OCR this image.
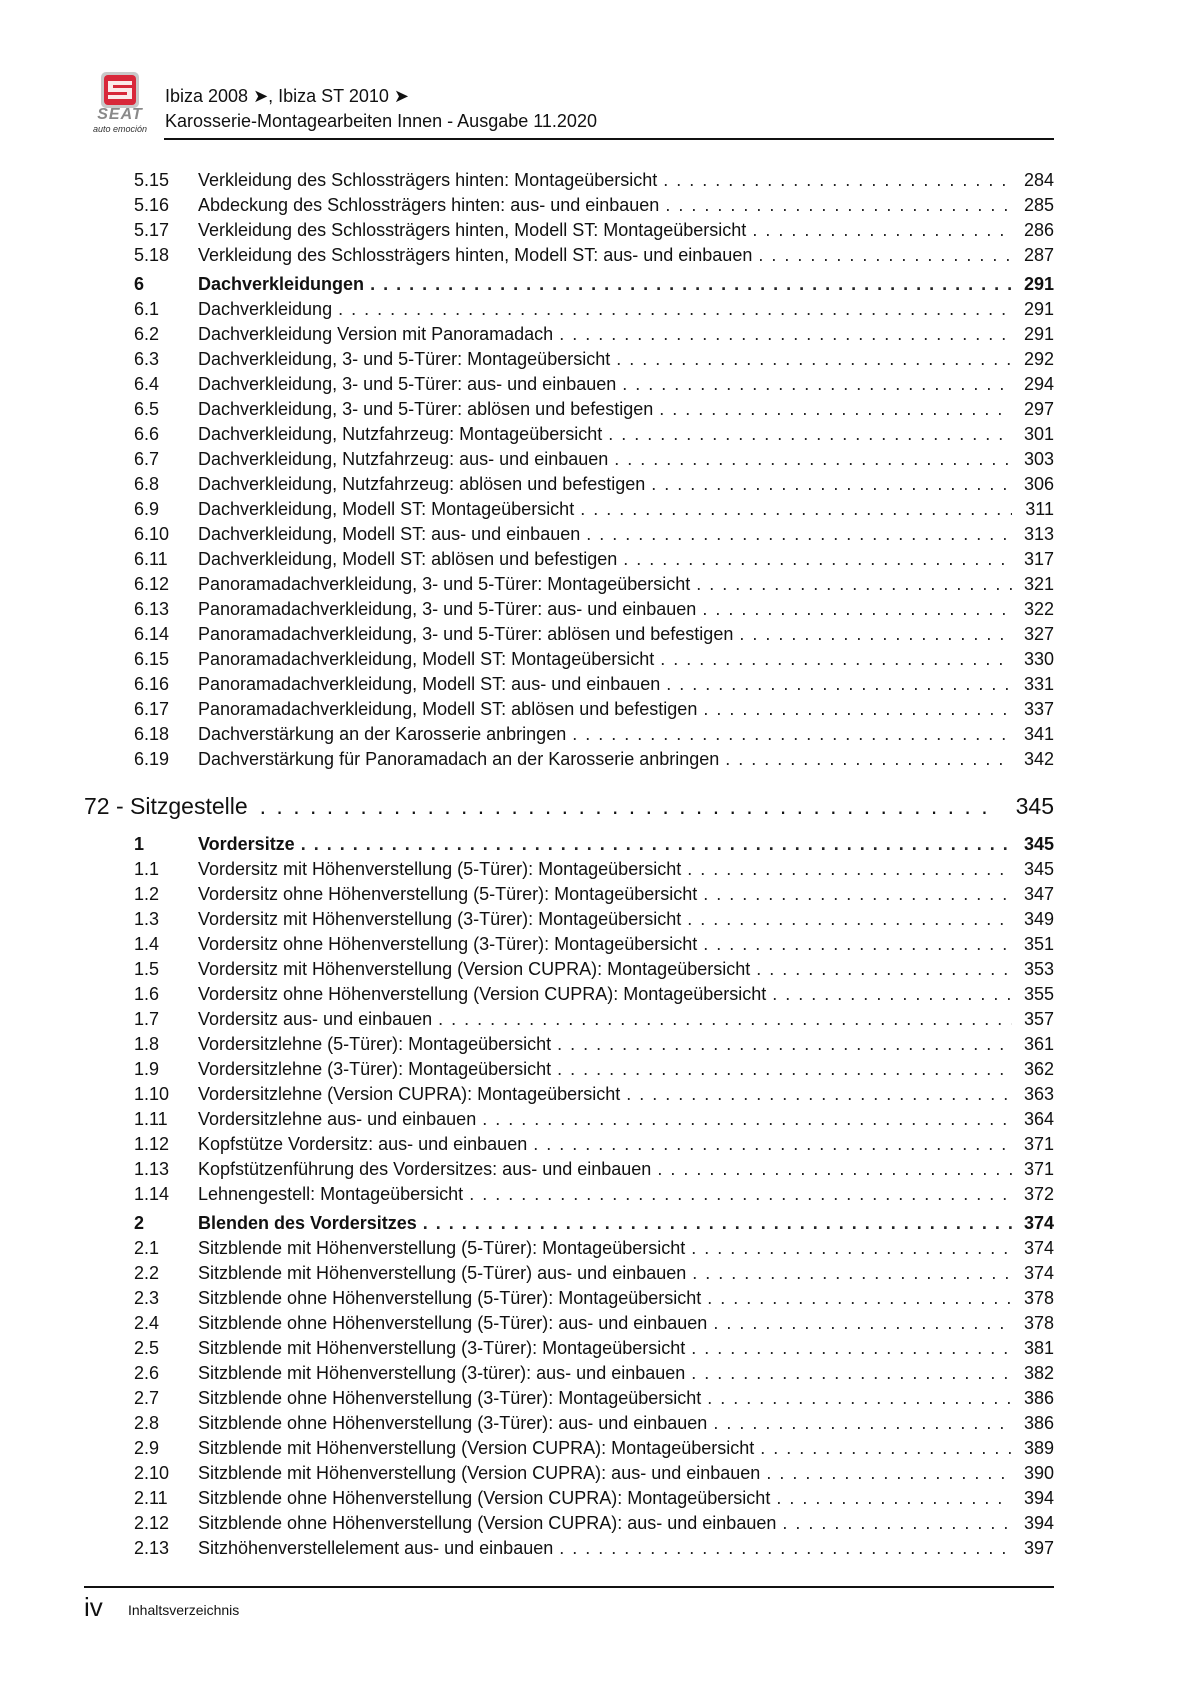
SEAT
auto emoción
Ibiza 2008 ➤, Ibiza ST 2010 ➤
Karosserie-Montagearbeiten Innen - Ausgabe 11.2020
5.15	Verkleidung des Schlossträgers hinten: Montageübersicht . . .	284
5.16	Abdeckung des Schlossträgers hinten: aus- und einbauen . . .	285
5.17	Verkleidung des Schlossträgers hinten, Modell ST: Montageübersicht . . .	286
5.18	Verkleidung des Schlossträgers hinten, Modell ST: aus- und einbauen . . .	287
6	Dachverkleidungen . . .	291
6.1	Dachverkleidung . . .	291
6.2	Dachverkleidung Version mit Panoramadach . . .	291
6.3	Dachverkleidung, 3- und 5-Türer: Montageübersicht . . .	292
6.4	Dachverkleidung, 3- und 5-Türer: aus- und einbauen . . .	294
6.5	Dachverkleidung, 3- und 5-Türer: ablösen und befestigen . . .	297
6.6	Dachverkleidung, Nutzfahrzeug: Montageübersicht . . .	301
6.7	Dachverkleidung, Nutzfahrzeug: aus- und einbauen . . .	303
6.8	Dachverkleidung, Nutzfahrzeug: ablösen und befestigen . . .	306
6.9	Dachverkleidung, Modell ST: Montageübersicht . . .	311
6.10	Dachverkleidung, Modell ST: aus- und einbauen . . .	313
6.11	Dachverkleidung, Modell ST: ablösen und befestigen . . .	317
6.12	Panoramadachverkleidung, 3- und 5-Türer: Montageübersicht . . .	321
6.13	Panoramadachverkleidung, 3- und 5-Türer: aus- und einbauen . . .	322
6.14	Panoramadachverkleidung, 3- und 5-Türer: ablösen und befestigen . . .	327
6.15	Panoramadachverkleidung, Modell ST: Montageübersicht . . .	330
6.16	Panoramadachverkleidung, Modell ST: aus- und einbauen . . .	331
6.17	Panoramadachverkleidung, Modell ST: ablösen und befestigen . . .	337
6.18	Dachverstärkung an der Karosserie anbringen . . .	341
6.19	Dachverstärkung für Panoramadach an der Karosserie anbringen . . .	342
72 - Sitzgestelle . . .	345
1	Vordersitze . . .	345
1.1	Vordersitz mit Höhenverstellung (5-Türer): Montageübersicht . . .	345
1.2	Vordersitz ohne Höhenverstellung (5-Türer): Montageübersicht . . .	347
1.3	Vordersitz mit Höhenverstellung (3-Türer): Montageübersicht . . .	349
1.4	Vordersitz ohne Höhenverstellung (3-Türer): Montageübersicht . . .	351
1.5	Vordersitz mit Höhenverstellung (Version CUPRA): Montageübersicht . . .	353
1.6	Vordersitz ohne Höhenverstellung (Version CUPRA): Montageübersicht . . .	355
1.7	Vordersitz aus- und einbauen . . .	357
1.8	Vordersitzlehne (5-Türer): Montageübersicht . . .	361
1.9	Vordersitzlehne (3-Türer): Montageübersicht . . .	362
1.10	Vordersitzlehne (Version CUPRA): Montageübersicht . . .	363
1.11	Vordersitzlehne aus- und einbauen . . .	364
1.12	Kopfstütze Vordersitz: aus- und einbauen . . .	371
1.13	Kopfstützenführung des Vordersitzes: aus- und einbauen . . .	371
1.14	Lehnengestell: Montageübersicht . . .	372
2	Blenden des Vordersitzes . . .	374
2.1	Sitzblende mit Höhenverstellung (5-Türer): Montageübersicht . . .	374
2.2	Sitzblende mit Höhenverstellung (5-Türer) aus- und einbauen . . .	374
2.3	Sitzblende ohne Höhenverstellung (5-Türer): Montageübersicht . . .	378
2.4	Sitzblende ohne Höhenverstellung (5-Türer): aus- und einbauen . . .	378
2.5	Sitzblende mit Höhenverstellung (3-Türer): Montageübersicht . . .	381
2.6	Sitzblende mit Höhenverstellung (3-türer): aus- und einbauen . . .	382
2.7	Sitzblende ohne Höhenverstellung (3-Türer): Montageübersicht . . .	386
2.8	Sitzblende ohne Höhenverstellung (3-Türer): aus- und einbauen . . .	386
2.9	Sitzblende mit Höhenverstellung (Version CUPRA): Montageübersicht . . .	389
2.10	Sitzblende mit Höhenverstellung (Version CUPRA): aus- und einbauen . . .	390
2.11	Sitzblende ohne Höhenverstellung (Version CUPRA): Montageübersicht . . .	394
2.12	Sitzblende ohne Höhenverstellung (Version CUPRA): aus- und einbauen . . .	394
2.13	Sitzhöhenverstellelement aus- und einbauen . . .	397
iv Inhaltsverzeichnis
